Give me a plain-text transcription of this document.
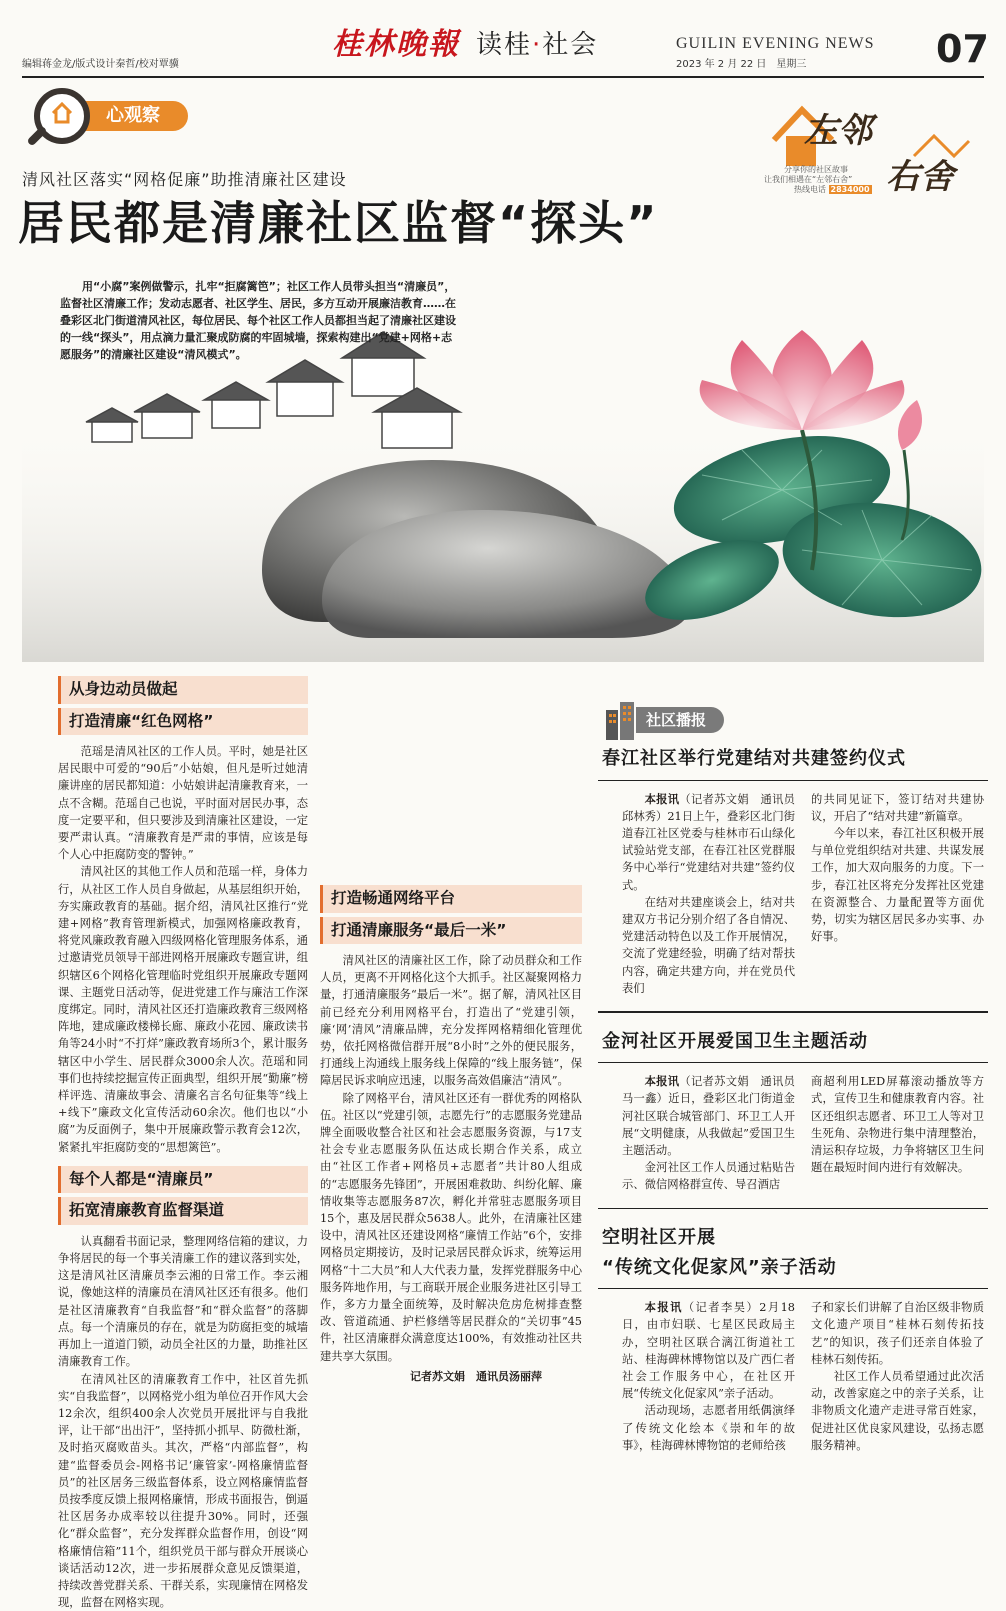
编辑蒋金龙/版式设计秦哲/校对覃骥
桂林晚報 读桂·社会	GUILIN EVENING NEWS
2023 年 2 月 22 日　星期三	07
心观察	左邻
右舍
分享你的社区故事
让我们相遇在“左邻右舍”
热线电话 2834000
清风社区落实“网格促廉”助推清廉社区建设
居民都是清廉社区监督“探头”
　　用“小腐”案例做警示，扎牢“拒腐篱笆”；社区工作人员带头担当“清廉员”，监督社区清廉工作；发动志愿者、社区学生、居民，多方互动开展廉洁教育……在叠彩区北门街道清风社区，每位居民、每个社区工作人员都担当起了清廉社区建设的一线“探头”，用点滴力量汇聚成防腐的牢固城墙，探索构建出“党建+网格+志愿服务”的清廉社区建设“清风模式”。
从身边动员做起
打造清廉“红色网格”

范瑶是清风社区的工作人员。平时，她是社区居民眼中可爱的“90后”小姑娘，但凡是听过她清廉讲座的居民都知道：小姑娘讲起清廉教育来，一点不含糊。范瑶自己也说，平时面对居民办事，态度一定要平和，但只要涉及到清廉社区建设，一定要严肃认真。“清廉教育是严肃的事情，应该是每个人心中拒腐防变的警钟。”

清风社区的其他工作人员和范瑶一样，身体力行，从社区工作人员自身做起，从基层组织开始，夯实廉政教育的基础。据介绍，清风社区推行“党建+网格”教育管理新模式，加强网格廉政教育，将党风廉政教育融入四级网格化管理服务体系，通过邀请党员领导干部进网格开展廉政专题宣讲，组织辖区6个网格化管理临时党组织开展廉政专题网课、主题党日活动等，促进党建工作与廉洁工作深度绑定。同时，清风社区还打造廉政教育三级网格阵地，建成廉政楼梯长廊、廉政小花园、廉政读书角等24小时“不打烊”廉政教育场所3个，累计服务辖区中小学生、居民群众3000余人次。范瑶和同事们也持续挖掘宣传正面典型，组织开展“勤廉”榜样评选、清廉故事会、清廉名言名句征集等“线上+线下”廉政文化宣传活动60余次。他们也以“小腐”为反面例子，集中开展廉政警示教育会12次，紧紧扎牢拒腐防变的“思想篱笆”。

每个人都是“清廉员”
拓宽清廉教育监督渠道

认真翻看书面记录，整理网络信箱的建议，力争将居民的每一个事关清廉工作的建议落到实处，这是清风社区清廉员李云湘的日常工作。李云湘说，像她这样的清廉员在清风社区还有很多。他们是社区清廉教育“自我监督”和“群众监督”的落脚点。每一个清廉员的存在，就是为防腐拒变的城墙再加上一道道门锁，动员全社区的力量，助推社区清廉教育工作。

在清风社区的清廉教育工作中，社区首先抓实“自我监督”，以网格党小组为单位召开作风大会12余次，组织400余人次党员开展批评与自我批评，让干部“出出汗”，坚持抓小抓早、防微杜渐，及时掐灭腐败苗头。其次，严格“内部监督”，构建“监督委员会-网格书记‘廉管家’-网格廉情监督员”的社区居务三级监督体系，设立网格廉情监督员按季度反馈上报网格廉情，形成书面报告，倒逼社区居务办成率较以往提升30%。同时，还强化“群众监督”，充分发挥群众监督作用，创设“网格廉情信箱”11个，组织党员干部与群众开展谈心谈话活动12次，进一步拓展群众意见反馈渠道，持续改善党群关系、干群关系，实现廉情在网格发现，监督在网格实现。

打造畅通网络平台
打通清廉服务“最后一米”

清风社区的清廉社区工作，除了动员群众和工作人员，更离不开网格化这个大抓手。社区凝聚网格力量，打通清廉服务“最后一米”。据了解，清风社区目前已经充分利用网格平台，打造出了“党建引领，廉‘网’清风”清廉品牌，充分发挥网格精细化管理优势，依托网格微信群开展“8小时”之外的便民服务，打通线上沟通线上服务线上保障的“线上服务链”，保障居民诉求响应迅速，以服务高效倡廉洁“清风”。

除了网格平台，清风社区还有一群优秀的网格队伍。社区以“党建引领，志愿先行”的志愿服务党建品牌全面吸收整合社区和社会志愿服务资源，与17支社会专业志愿服务队伍达成长期合作关系，成立由“社区工作者+网格员+志愿者”共计80人组成的“志愿服务先锋团”，开展困难救助、纠纷化解、廉情收集等志愿服务87次，孵化并常驻志愿服务项目15个，惠及居民群众5638人。此外，在清廉社区建设中，清风社区还建设网格“廉情工作站”6个，安排网格员定期接访，及时记录居民群众诉求，统筹运用网格“十二大员”和人大代表力量，发挥党群服务中心服务阵地作用，与工商联开展企业服务进社区引导工作，多方力量全面统筹，及时解决危房危树排查整改、管道疏通、护栏修缮等居民群众的“关切事”45件，社区清廉群众满意度达100%，有效推动社区共建共享大氛围。

记者苏文娟　通讯员汤丽萍
社区播报
春江社区举行党建结对共建签约仪式

本报讯（记者苏文娟　通讯员邱林秀）21日上午，叠彩区北门街道春江社区党委与桂林市石山绿化试验站党支部，在春江社区党群服务中心举行“党建结对共建”签约仪式。

在结对共建座谈会上，结对共建双方书记分别介绍了各自情况、党建活动特色以及工作开展情况，交流了党建经验，明确了结对帮扶内容，确定共建方向，并在党员代表们

的共同见证下，签订结对共建协议，开启了“结对共建”新篇章。

今年以来，春江社区积极开展与单位党组织结对共建、共谋发展工作，加大双向服务的力度。下一步，春江社区将充分发挥社区党建在资源整合、力量配置等方面优势，切实为辖区居民多办实事、办好事。

金河社区开展爱国卫生主题活动

本报讯（记者苏文娟　通讯员马一鑫）近日，叠彩区北门街道金河社区联合城管部门、环卫工人开展“文明健康，从我做起”爱国卫生主题活动。

金河社区工作人员通过粘贴告示、微信网格群宣传、导召酒店

商超利用LED屏幕滚动播放等方式，宣传卫生和健康教育内容。社区还组织志愿者、环卫工人等对卫生死角、杂物进行集中清理整治，清运积存垃圾，力争将辖区卫生问题在最短时间内进行有效解决。

空明社区开展
“传统文化促家风”亲子活动

本报讯（记者李昊）2月18日，由市妇联、七星区民政局主办，空明社区联合漓江街道社工站、桂海碑林博物馆以及广西仁者社会工作服务中心，在社区开展“传统文化促家风”亲子活动。

活动现场，志愿者用纸偶演绎了传统文化绘本《崇和年的故事》，桂海碑林博物馆的老师给孩

子和家长们讲解了自治区级非物质文化遗产项目“桂林石刻传拓技艺”的知识，孩子们还亲自体验了桂林石刻传拓。

社区工作人员希望通过此次活动，改善家庭之中的亲子关系，让非物质文化遗产走进寻常百姓家，促进社区优良家风建设，弘扬志愿服务精神。
